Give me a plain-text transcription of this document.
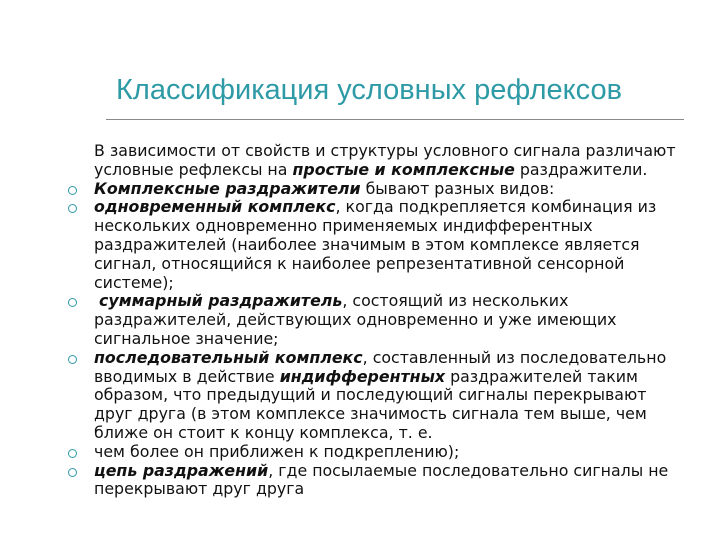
Классификация условных рефлексов

В зависимости от свойств и структуры условного сигнала различают условные рефлексы на простые и комплексные раздражители.

Комплексные раздражители бывают разных видов:

одновременный комплекс, когда подкрепляется комбинация из нескольких одновременно применяемых индифферентных раздражителей (наиболее значимым в этом комплексе является сигнал, относящийся к наиболее репрезентативной сенсорной системе);

суммарный раздражитель, состоящий из нескольких раздражителей, действующих одновременно и уже имеющих сигнальное значение;

последовательный комплекс, составленный из последовательно вводимых в действие индифферентных раздражителей таким образом, что предыдущий и последующий сигналы перекрывают друг друга (в этом комплексе значимость сигнала тем выше, чем ближе он стоит к концу комплекса, т. е.

чем более он приближен к подкреплению);

цепь раздражений, где посылаемые последовательно сигналы не перекрывают друг друга
